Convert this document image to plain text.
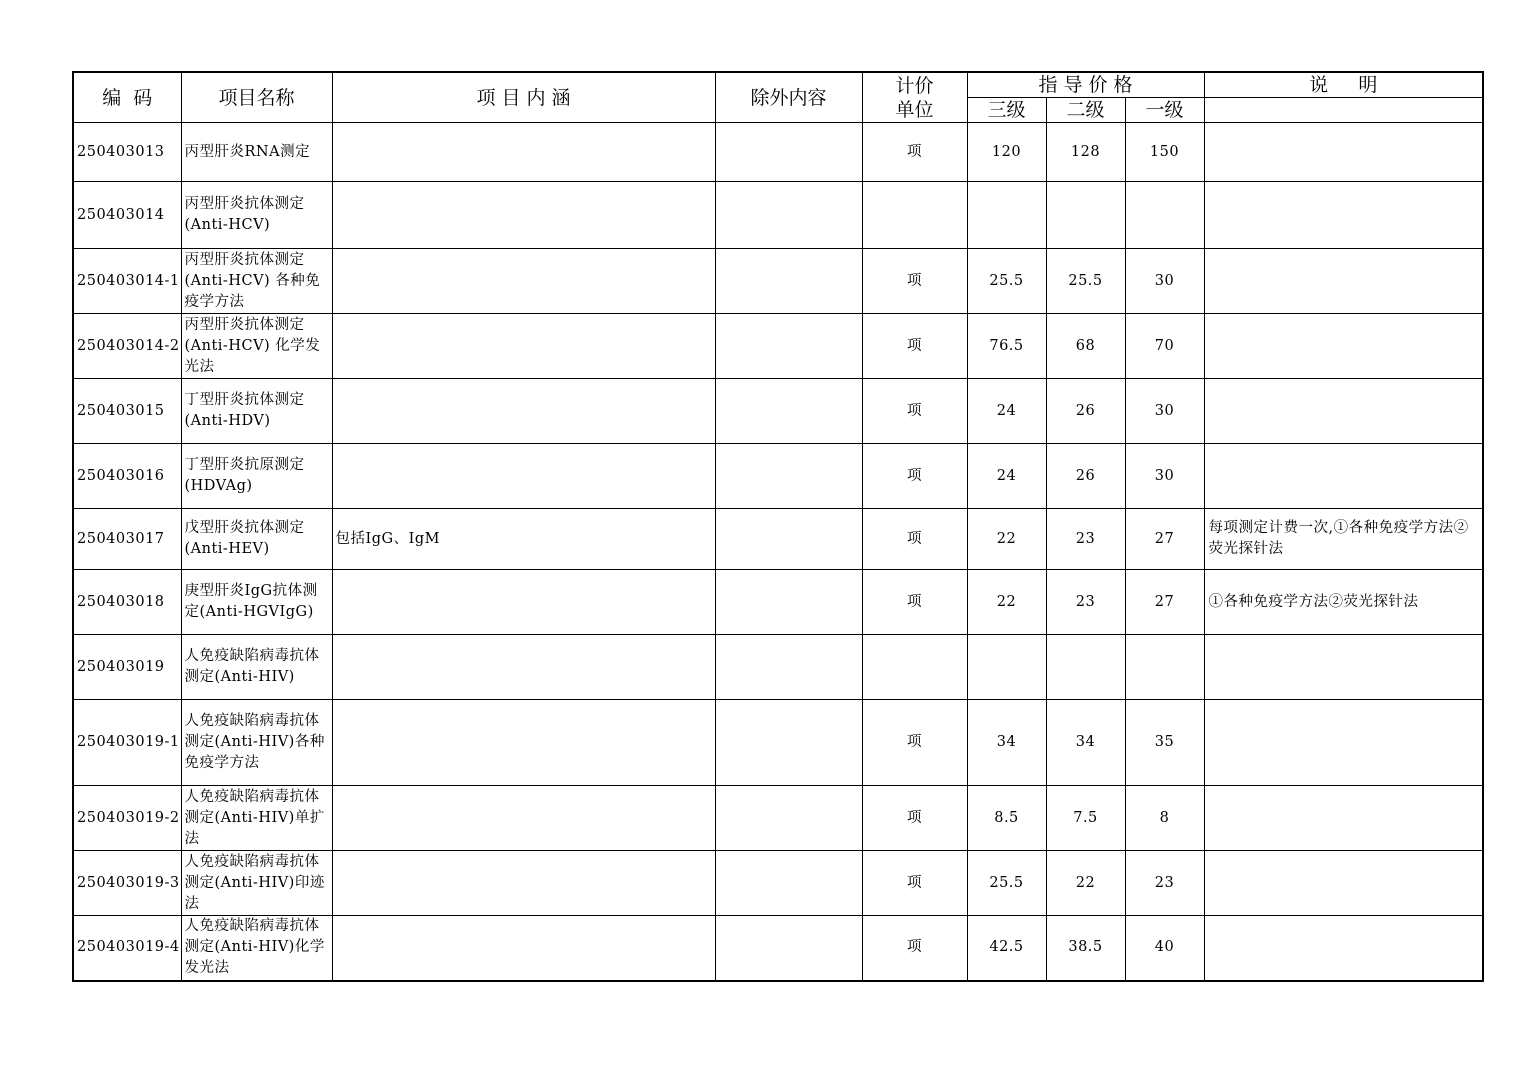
编  码	项目名称	项 目 内 涵	除外内容	计价	指 导 价 格			说     明
				单位	三级	二级	一级	
250403013	丙型肝炎RNA测定			项	120	128	150	
250403014	丙型肝炎抗体测定(Anti-HCV)							
250403014-1	丙型肝炎抗体测定(Anti-HCV) 各种免疫学方法			项	25.5	25.5	30	
250403014-2	丙型肝炎抗体测定(Anti-HCV) 化学发光法			项	76.5	68	70	
250403015	丁型肝炎抗体测定(Anti-HDV)			项	24	26	30	
250403016	丁型肝炎抗原测定(HDVAg)			项	24	26	30	
250403017	戊型肝炎抗体测定(Anti-HEV)	包括IgG、IgM		项	22	23	27	每项测定计费一次,①各种免疫学方法②荧光探针法
250403018	庚型肝炎IgG抗体测定(Anti-HGVIgG)			项	22	23	27	①各种免疫学方法②荧光探针法
250403019	人免疫缺陷病毒抗体测定(Anti-HIV)							
250403019-1	人免疫缺陷病毒抗体测定(Anti-HIV)各种免疫学方法			项	34	34	35	
250403019-2	人免疫缺陷病毒抗体测定(Anti-HIV)单扩法			项	8.5	7.5	8	
250403019-3	人免疫缺陷病毒抗体测定(Anti-HIV)印迹法			项	25.5	22	23	
250403019-4	人免疫缺陷病毒抗体测定(Anti-HIV)化学发光法			项	42.5	38.5	40	
